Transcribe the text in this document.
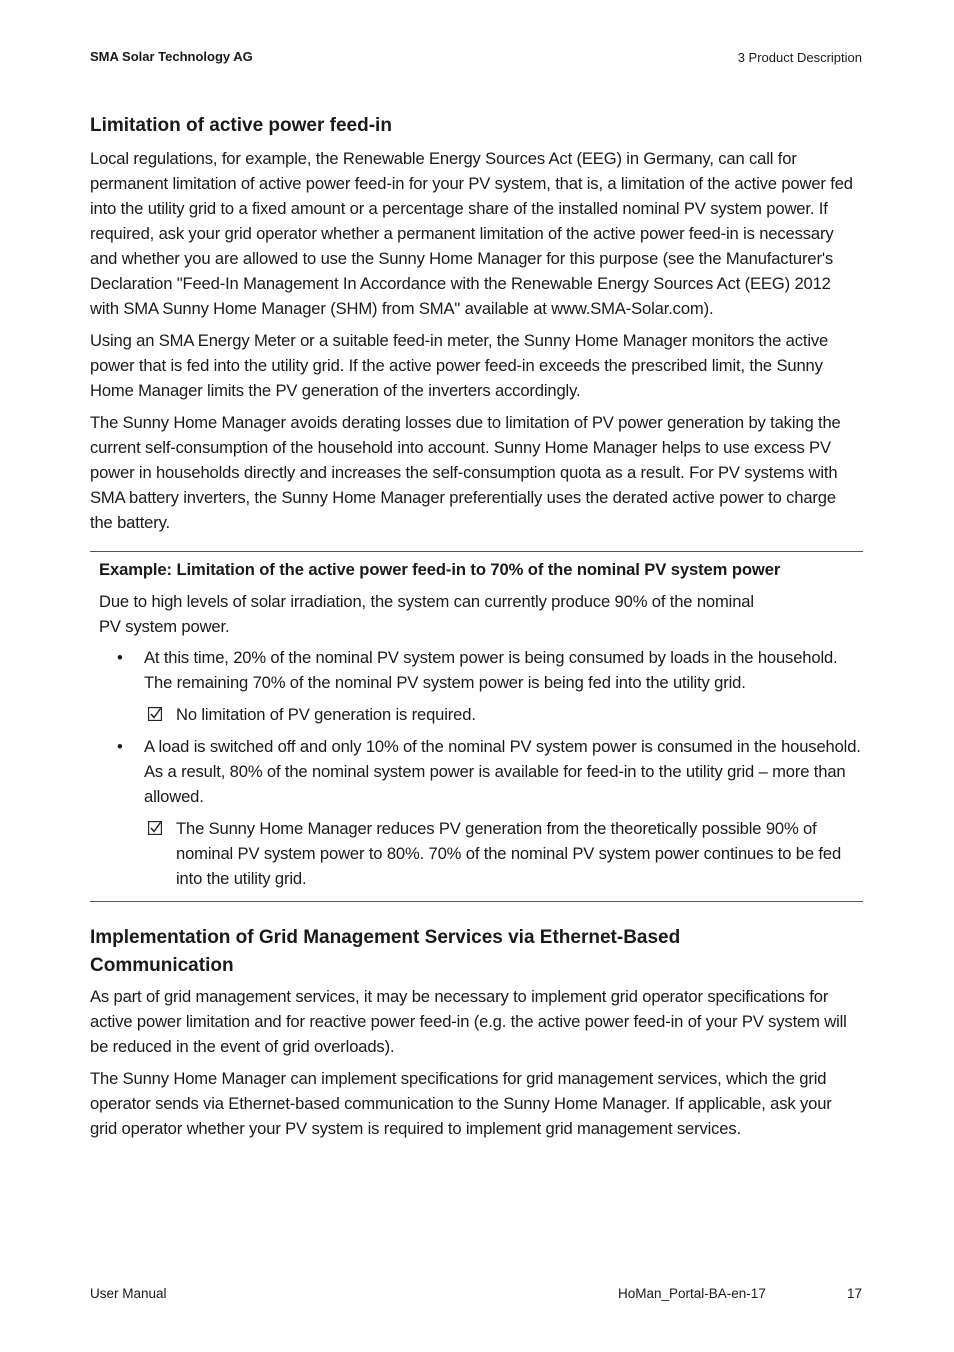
SMA Solar Technology AG	3 Product Description
Limitation of active power feed-in

Local regulations, for example, the Renewable Energy Sources Act (EEG) in Germany, can call for permanent limitation of active power feed-in for your PV system, that is, a limitation of the active power fed into the utility grid to a fixed amount or a percentage share of the installed nominal PV system power. If required, ask your grid operator whether a permanent limitation of the active power feed-in is necessary and whether you are allowed to use the Sunny Home Manager for this purpose (see the Manufacturer's Declaration "Feed-In Management In Accordance with the Renewable Energy Sources Act (EEG) 2012 with SMA Sunny Home Manager (SHM) from SMA" available at www.SMA-Solar.com).

Using an SMA Energy Meter or a suitable feed-in meter, the Sunny Home Manager monitors the active power that is fed into the utility grid. If the active power feed-in exceeds the prescribed limit, the Sunny Home Manager limits the PV generation of the inverters accordingly.

The Sunny Home Manager avoids derating losses due to limitation of PV power generation by taking the current self-consumption of the household into account. Sunny Home Manager helps to use excess PV power in households directly and increases the self-consumption quota as a result. For PV systems with SMA battery inverters, the Sunny Home Manager preferentially uses the derated active power to charge the battery.

Example: Limitation of the active power feed-in to 70% of the nominal PV system power

Due to high levels of solar irradiation, the system can currently produce 90% of the nominal
PV system power.

• At this time, 20% of the nominal PV system power is being consumed by loads in the household. The remaining 70% of the nominal PV system power is being fed into the utility grid.

No limitation of PV generation is required.

• A load is switched off and only 10% of the nominal PV system power is consumed in the household. As a result, 80% of the nominal system power is available for feed-in to the utility grid – more than allowed.

The Sunny Home Manager reduces PV generation from the theoretically possible 90% of nominal PV system power to 80%. 70% of the nominal PV system power continues to be fed into the utility grid.

Implementation of Grid Management Services via Ethernet-Based
Communication

As part of grid management services, it may be necessary to implement grid operator specifications for active power limitation and for reactive power feed-in (e.g. the active power feed-in of your PV system will be reduced in the event of grid overloads).

The Sunny Home Manager can implement specifications for grid management services, which the grid operator sends via Ethernet-based communication to the Sunny Home Manager. If applicable, ask your grid operator whether your PV system is required to implement grid management services.

User Manual	HoMan_Portal-BA-en-17	17
